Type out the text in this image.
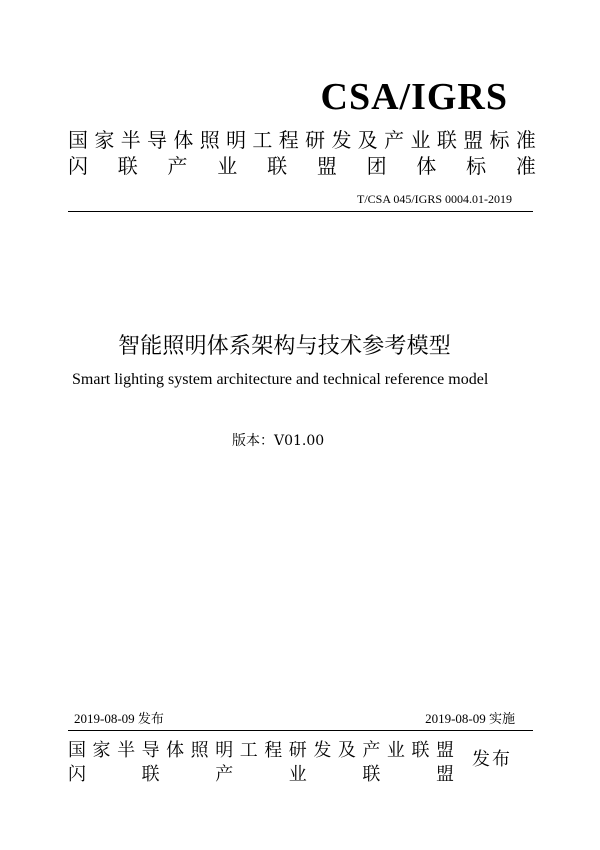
CSA/IGRS
国 家 半 导 体 照 明 工 程 研 发 及 产 业 联 盟 标 准
闪 联 产 业 联 盟 团 体 标 准
T/CSA 045/IGRS 0004.01-2019
智能照明体系架构与技术参考模型
Smart lighting system architecture and technical reference model
版本：V01.00
2019-08-09 发布	2019-08-09 实施
国 家 半 导 体 照 明 工 程 研 发 及 产 业 联 盟
闪	联	产	业	联	盟
发布
